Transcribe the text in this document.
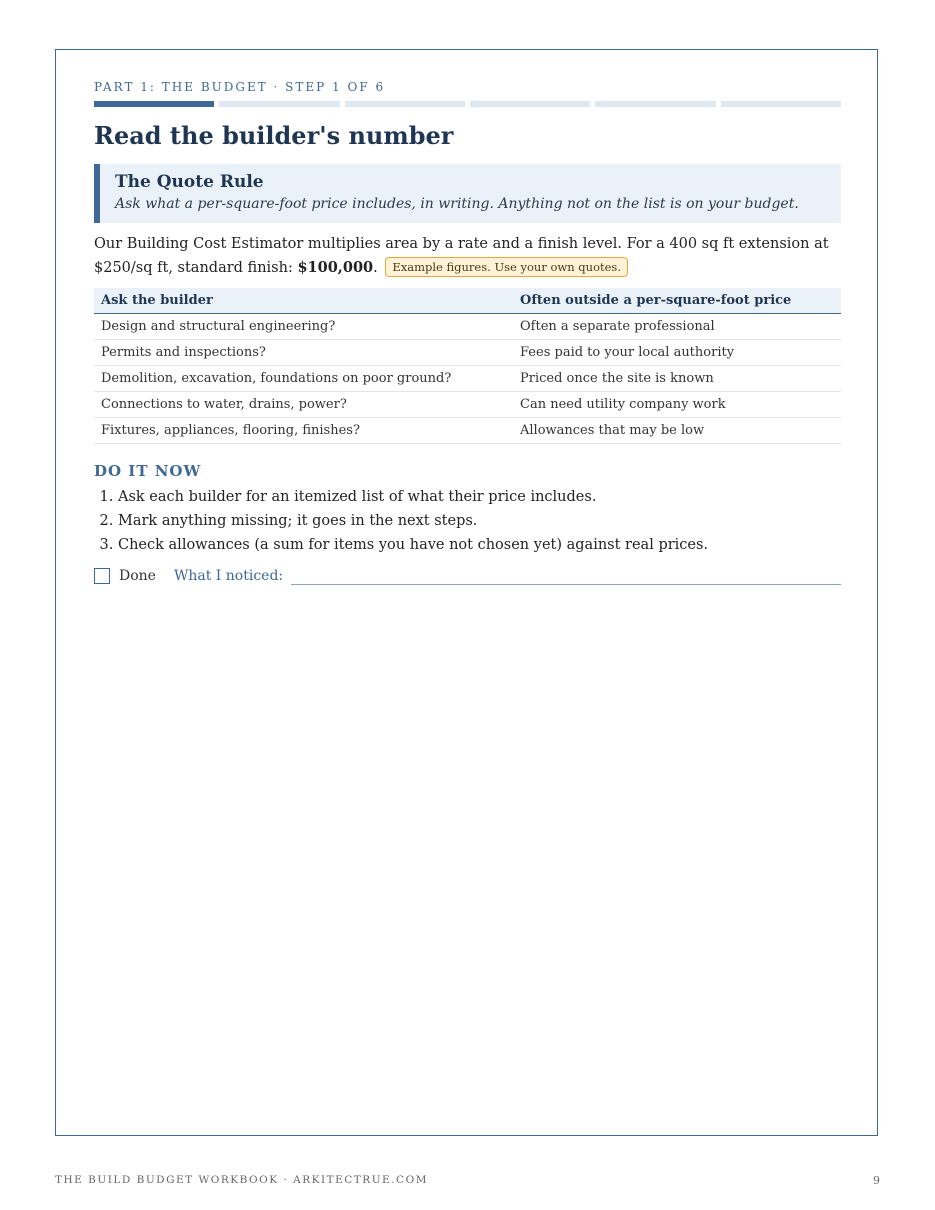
PART 1: THE BUDGET · STEP 1 OF 6
Read the builder's number
The Quote Rule
Ask what a per-square-foot price includes, in writing. Anything not on the list is on your budget.
Our Building Cost Estimator multiplies area by a rate and a finish level. For a 400 sq ft extension at $250/sq ft, standard finish: $100,000. Example figures. Use your own quotes.
Ask the builder	Often outside a per-square-foot price
Design and structural engineering?	Often a separate professional
Permits and inspections?	Fees paid to your local authority
Demolition, excavation, foundations on poor ground?	Priced once the site is known
Connections to water, drains, power?	Can need utility company work
Fixtures, appliances, flooring, finishes?	Allowances that may be low
DO IT NOW
1. Ask each builder for an itemized list of what their price includes.
2. Mark anything missing; it goes in the next steps.
3. Check allowances (a sum for items you have not chosen yet) against real prices.
Done What I noticed:
THE BUILD BUDGET WORKBOOK · ARKITECTRUE.COM	9
